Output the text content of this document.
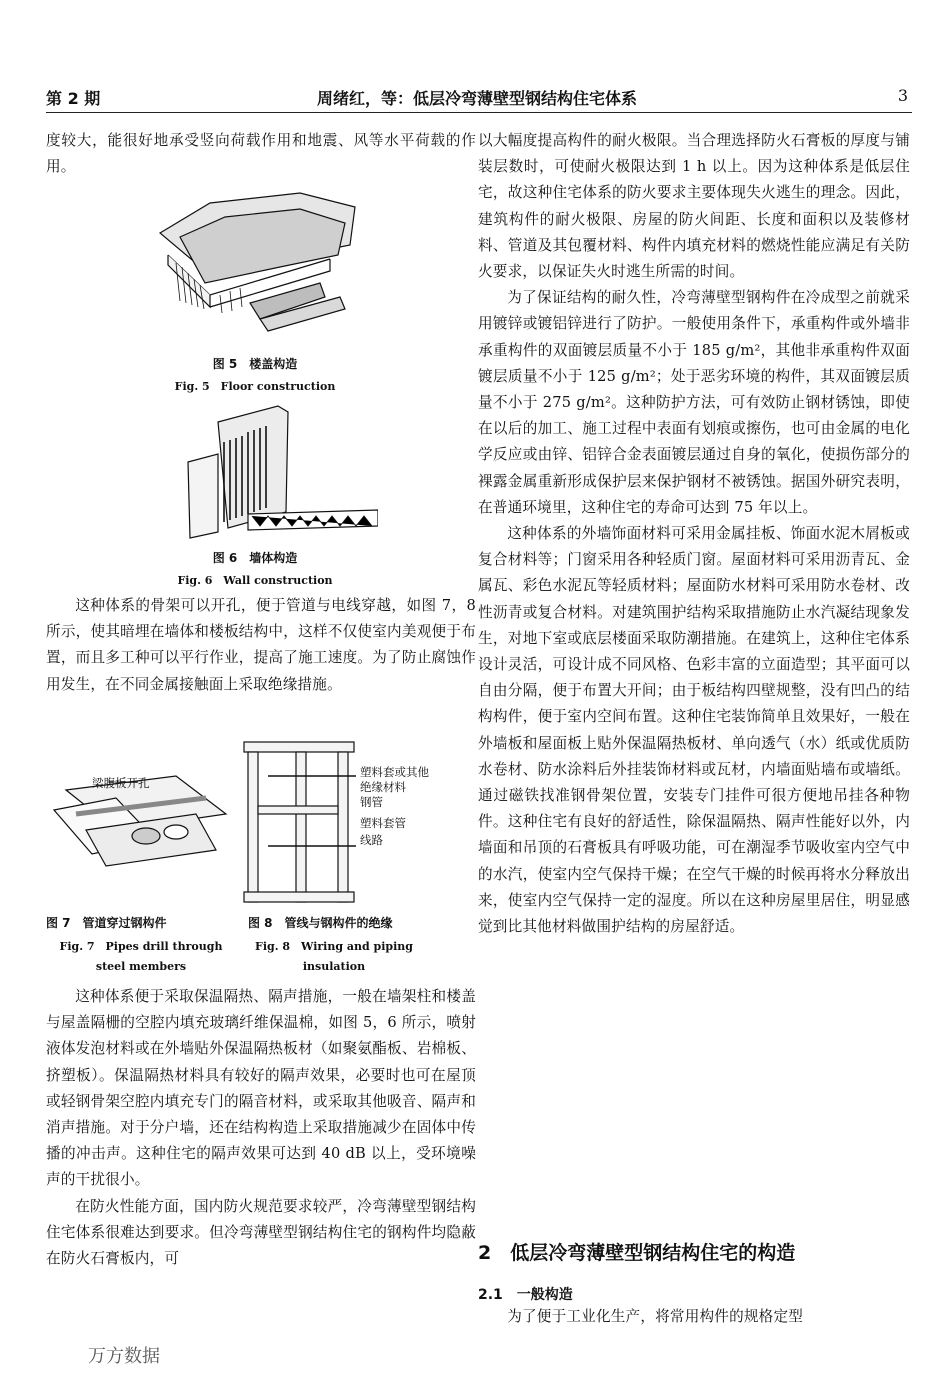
第 2 期	周绪红，等：低层冷弯薄壁型钢结构住宅体系	3

度较大，能很好地承受竖向荷载作用和地震、风等水平荷载的作用。

图 5　楼盖构造
Fig. 5　Floor construction
图 6　墙体构造
Fig. 6　Wall construction

这种体系的骨架可以开孔，便于管道与电线穿越，如图 7，8 所示，使其暗埋在墙体和楼板结构中，这样不仅使室内美观便于布置，而且多工种可以平行作业，提高了施工速度。为了防止腐蚀作用发生，在不同金属接触面上采取绝缘措施。

梁腹板开孔
塑料套或其他
绝缘材料
钢管
塑料套管
线路
图 7　管道穿过钢构件	图 8　管线与钢构件的绝缘
Fig. 7　Pipes drill through	Fig. 8　Wiring and piping
steel members	insulation

这种体系便于采取保温隔热、隔声措施，一般在墙架柱和楼盖与屋盖隔栅的空腔内填充玻璃纤维保温棉，如图 5，6 所示，喷射液体发泡材料或在外墙贴外保温隔热板材（如聚氨酯板、岩棉板、挤塑板）。保温隔热材料具有较好的隔声效果，必要时也可在屋顶或轻钢骨架空腔内填充专门的隔音材料，或采取其他吸音、隔声和消声措施。对于分户墙，还在结构构造上采取措施减少在固体中传播的冲击声。这种住宅的隔声效果可达到 40 dB 以上，受环境噪声的干扰很小。

在防火性能方面，国内防火规范要求较严，冷弯薄壁型钢结构住宅体系很难达到要求。但冷弯薄壁型钢结构住宅的钢构件均隐蔽在防火石膏板内，可

以大幅度提高构件的耐火极限。当合理选择防火石膏板的厚度与铺装层数时，可使耐火极限达到 1 h 以上。因为这种体系是低层住宅，故这种住宅体系的防火要求主要体现失火逃生的理念。因此，建筑构件的耐火极限、房屋的防火间距、长度和面积以及装修材料、管道及其包覆材料、构件内填充材料的燃烧性能应满足有关防火要求，以保证失火时逃生所需的时间。

为了保证结构的耐久性，冷弯薄壁型钢构件在冷成型之前就采用镀锌或镀铝锌进行了防护。一般使用条件下，承重构件或外墙非承重构件的双面镀层质量不小于 185 g/m²，其他非承重构件双面镀层质量不小于 125 g/m²；处于恶劣环境的构件，其双面镀层质量不小于 275 g/m²。这种防护方法，可有效防止钢材锈蚀，即使在以后的加工、施工过程中表面有划痕或擦伤，也可由金属的电化学反应或由锌、铝锌合金表面镀层通过自身的氧化，使损伤部分的裸露金属重新形成保护层来保护钢材不被锈蚀。据国外研究表明，在普通环境里，这种住宅的寿命可达到 75 年以上。

这种体系的外墙饰面材料可采用金属挂板、饰面水泥木屑板或复合材料等；门窗采用各种轻质门窗。屋面材料可采用沥青瓦、金属瓦、彩色水泥瓦等轻质材料；屋面防水材料可采用防水卷材、改性沥青或复合材料。对建筑围护结构采取措施防止水汽凝结现象发生，对地下室或底层楼面采取防潮措施。在建筑上，这种住宅体系设计灵活，可设计成不同风格、色彩丰富的立面造型；其平面可以自由分隔，便于布置大开间；由于板结构四壁规整，没有凹凸的结构构件，便于室内空间布置。这种住宅装饰简单且效果好，一般在外墙板和屋面板上贴外保温隔热板材、单向透气（水）纸或优质防水卷材、防水涂料后外挂装饰材料或瓦材，内墙面贴墙布或墙纸。通过磁铁找准钢骨架位置，安装专门挂件可很方便地吊挂各种物件。这种住宅有良好的舒适性，除保温隔热、隔声性能好以外，内墙面和吊顶的石膏板具有呼吸功能，可在潮湿季节吸收室内空气中的水汽，使室内空气保持干燥；在空气干燥的时候再将水分释放出来，使室内空气保持一定的湿度。所以在这种房屋里居住，明显感觉到比其他材料做围护结构的房屋舒适。

2　低层冷弯薄壁型钢结构住宅的构造
2.1　一般构造

为了便于工业化生产，将常用构件的规格定型

万方数据
